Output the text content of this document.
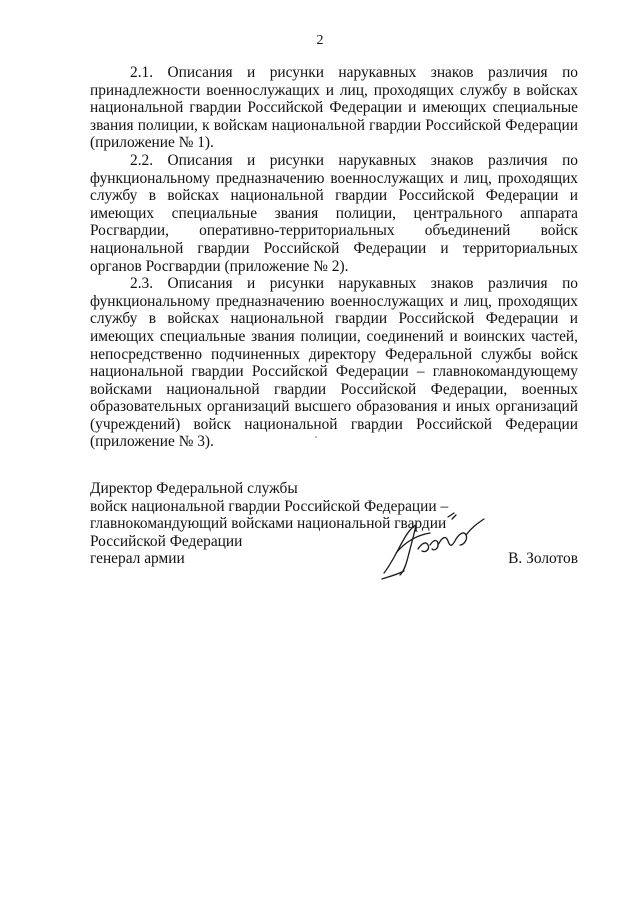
2

2.1. Описания и рисунки нарукавных знаков различия по принадлежности военнослужащих и лиц, проходящих службу в войсках национальной гвардии Российской Федерации и имеющих специальные звания полиции, к войскам национальной гвардии Российской Федерации (приложение № 1).

2.2. Описания и рисунки нарукавных знаков различия по функциональному предназначению военнослужащих и лиц, проходящих службу в войсках национальной гвардии Российской Федерации и имеющих специальные звания полиции, центрального аппарата Росгвардии, оперативно-территориальных объединений войск национальной гвардии Российской Федерации и территориальных органов Росгвардии (приложение № 2).

2.3. Описания и рисунки нарукавных знаков различия по функциональному предназначению военнослужащих и лиц, проходящих службу в войсках национальной гвардии Российской Федерации и имеющих специальные звания полиции, соединений и воинских частей, непосредственно подчиненных директору Федеральной службы войск национальной гвардии Российской Федерации – главнокомандующему войсками национальной гвардии Российской Федерации, военных образовательных организаций высшего образования и иных организаций (учреждений) войск национальной гвардии Российской Федерации (приложение № 3).

Директор Федеральной службы
войск национальной гвардии Российской Федерации –
главнокомандующий войсками национальной гвардии
Российской Федерации
генерал армии	В. Золотов
